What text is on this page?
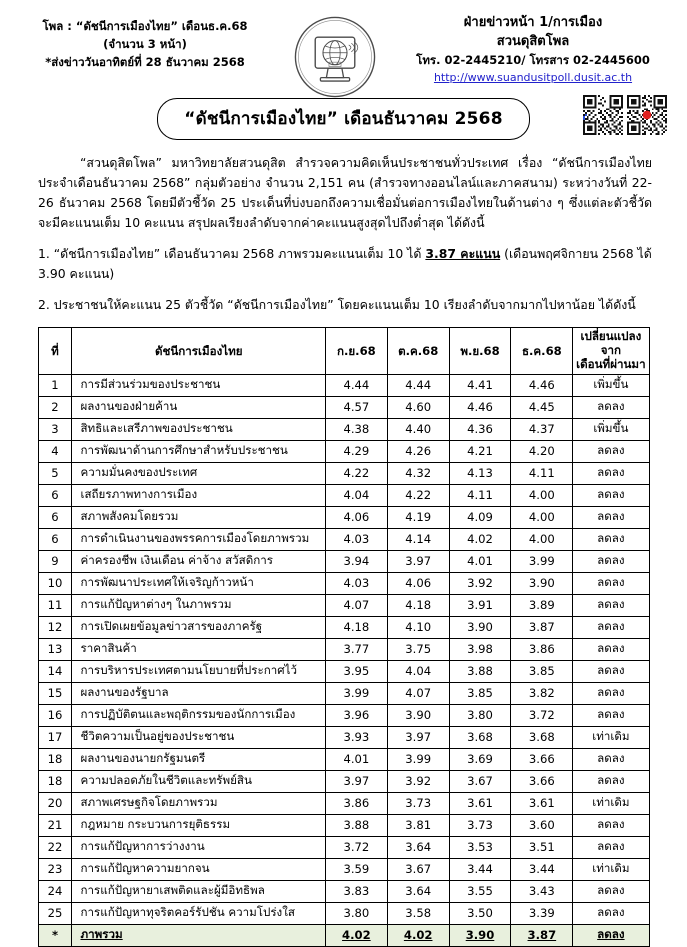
โพล : “ดัชนีการเมืองไทย” เดือนธ.ค.68
(จำนวน 3 หน้า)
*ส่งข่าววันอาทิตย์ที่ 28 ธันวาคม 2568
ฝ่ายข่าวหน้า 1/การเมือง
สวนดุสิตโพล
โทร. 02-2445210/ โทรสาร 02-2445600
http://www.suandusitpoll.dusit.ac.th
“ดัชนีการเมืองไทย” เดือนธันวาคม 2568
“สวนดุสิตโพล” มหาวิทยาลัยสวนดุสิต สำรวจความคิดเห็นประชาชนทั่วประเทศ เรื่อง “ดัชนีการเมืองไทย ประจำเดือนธันวาคม 2568” กลุ่มตัวอย่าง จำนวน 2,151 คน (สำรวจทางออนไลน์และภาคสนาม) ระหว่างวันที่ 22-26 ธันวาคม 2568 โดยมีตัวชี้วัด 25 ประเด็นที่บ่งบอกถึงความเชื่อมั่นต่อการเมืองไทยในด้านต่าง ๆ ซึ่งแต่ละตัวชี้วัดจะมีคะแนนเต็ม 10 คะแนน สรุปผลเรียงลำดับจากค่าคะแนนสูงสุดไปถึงต่ำสุด ได้ดังนี้
1. “ดัชนีการเมืองไทย” เดือนธันวาคม 2568 ภาพรวมคะแนนเต็ม 10 ได้ 3.87 คะแนน (เดือนพฤศจิกายน 2568 ได้ 3.90 คะแนน)
2. ประชาชนให้คะแนน 25 ตัวชี้วัด “ดัชนีการเมืองไทย” โดยคะแนนเต็ม 10 เรียงลำดับจากมากไปหาน้อย ได้ดังนี้
ที่	ดัชนีการเมืองไทย	ก.ย.68	ต.ค.68	พ.ย.68	ธ.ค.68	เปลี่ยนแปลงจาก
เดือนที่ผ่านมา
1	การมีส่วนร่วมของประชาชน	4.44	4.44	4.41	4.46	เพิ่มขึ้น
2	ผลงานของฝ่ายค้าน	4.57	4.60	4.46	4.45	ลดลง
3	สิทธิและเสรีภาพของประชาชน	4.38	4.40	4.36	4.37	เพิ่มขึ้น
4	การพัฒนาด้านการศึกษาสำหรับประชาชน	4.29	4.26	4.21	4.20	ลดลง
5	ความมั่นคงของประเทศ	4.22	4.32	4.13	4.11	ลดลง
6	เสถียรภาพทางการเมือง	4.04	4.22	4.11	4.00	ลดลง
6	สภาพสังคมโดยรวม	4.06	4.19	4.09	4.00	ลดลง
6	การดำเนินงานของพรรคการเมืองโดยภาพรวม	4.03	4.14	4.02	4.00	ลดลง
9	ค่าครองชีพ เงินเดือน ค่าจ้าง สวัสดิการ	3.94	3.97	4.01	3.99	ลดลง
10	การพัฒนาประเทศให้เจริญก้าวหน้า	4.03	4.06	3.92	3.90	ลดลง
11	การแก้ปัญหาต่างๆ ในภาพรวม	4.07	4.18	3.91	3.89	ลดลง
12	การเปิดเผยข้อมูลข่าวสารของภาครัฐ	4.18	4.10	3.90	3.87	ลดลง
13	ราคาสินค้า	3.77	3.75	3.98	3.86	ลดลง
14	การบริหารประเทศตามนโยบายที่ประกาศไว้	3.95	4.04	3.88	3.85	ลดลง
15	ผลงานของรัฐบาล	3.99	4.07	3.85	3.82	ลดลง
16	การปฏิบัติตนและพฤติกรรมของนักการเมือง	3.96	3.90	3.80	3.72	ลดลง
17	ชีวิตความเป็นอยู่ของประชาชน	3.93	3.97	3.68	3.68	เท่าเดิม
18	ผลงานของนายกรัฐมนตรี	4.01	3.99	3.69	3.66	ลดลง
18	ความปลอดภัยในชีวิตและทรัพย์สิน	3.97	3.92	3.67	3.66	ลดลง
20	สภาพเศรษฐกิจโดยภาพรวม	3.86	3.73	3.61	3.61	เท่าเดิม
21	กฎหมาย กระบวนการยุติธรรม	3.88	3.81	3.73	3.60	ลดลง
22	การแก้ปัญหาการว่างงาน	3.72	3.64	3.53	3.51	ลดลง
23	การแก้ปัญหาความยากจน	3.59	3.67	3.44	3.44	เท่าเดิม
24	การแก้ปัญหายาเสพติดและผู้มีอิทธิพล	3.83	3.64	3.55	3.43	ลดลง
25	การแก้ปัญหาทุจริตคอร์รัปชัน ความโปร่งใส	3.80	3.58	3.50	3.39	ลดลง
*	ภาพรวม	4.02	4.02	3.90	3.87	ลดลง
